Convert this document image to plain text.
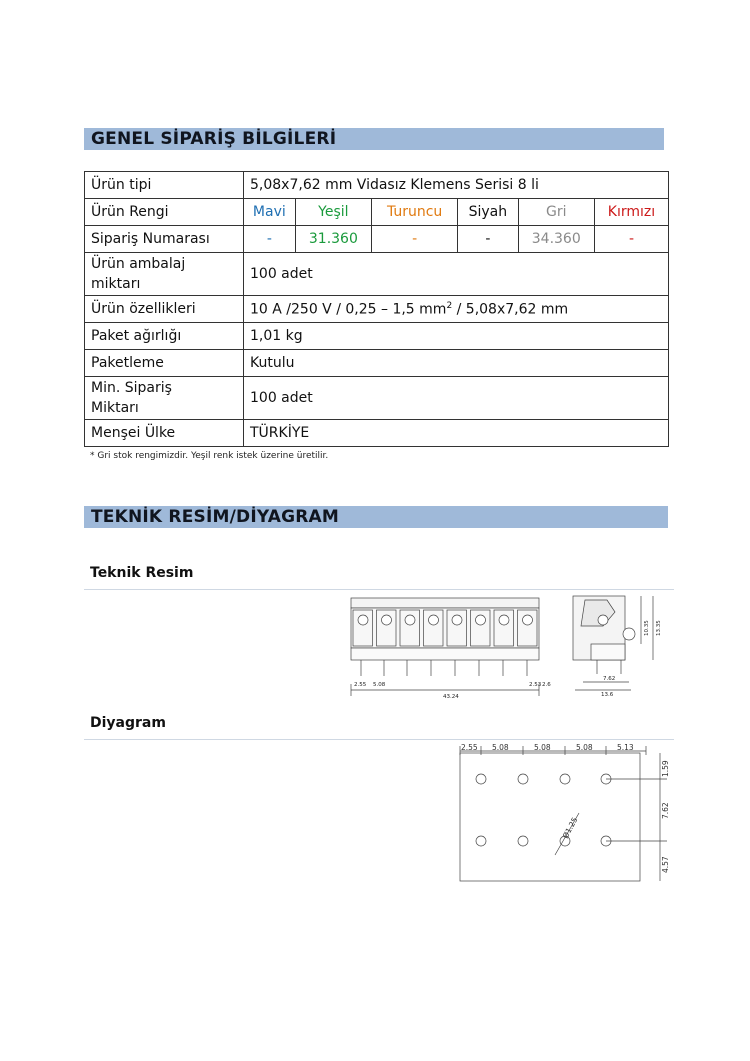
GENEL SİPARİŞ BİLGİLERİ
Ürün tipi	5,08x7,62 mm Vidasız Klemens Serisi 8 li					
Ürün Rengi	Mavi	Yeşil	Turuncu	Siyah	Gri	Kırmızı
Sipariş Numarası	-	31.360	-	-	34.360	-
Ürün ambalaj
miktarı	100 adet					
Ürün özellikleri	10 A /250 V / 0,25 – 1,5 $mm^2 / 5,08x7,62$ mm					
Paket ağırlığı	1,01 kg					
Paketleme	Kutulu					
Min. Sipariş
Miktarı	100 adet					
Menşei Ülke	TÜRKİYE					
* Gri stok rengimizdir. Yeşil renk istek üzerine üretilir.
TEKNİK RESİM/DİYAGRAM
Teknik Resim
2.55 5.08	2.53 2.6
43.24
7.62
13.6
10.35 13.35
Diyagram
2.55 5.08	5.08	5.08	5.13
1.59
7.62
4.57
Ø1.25
